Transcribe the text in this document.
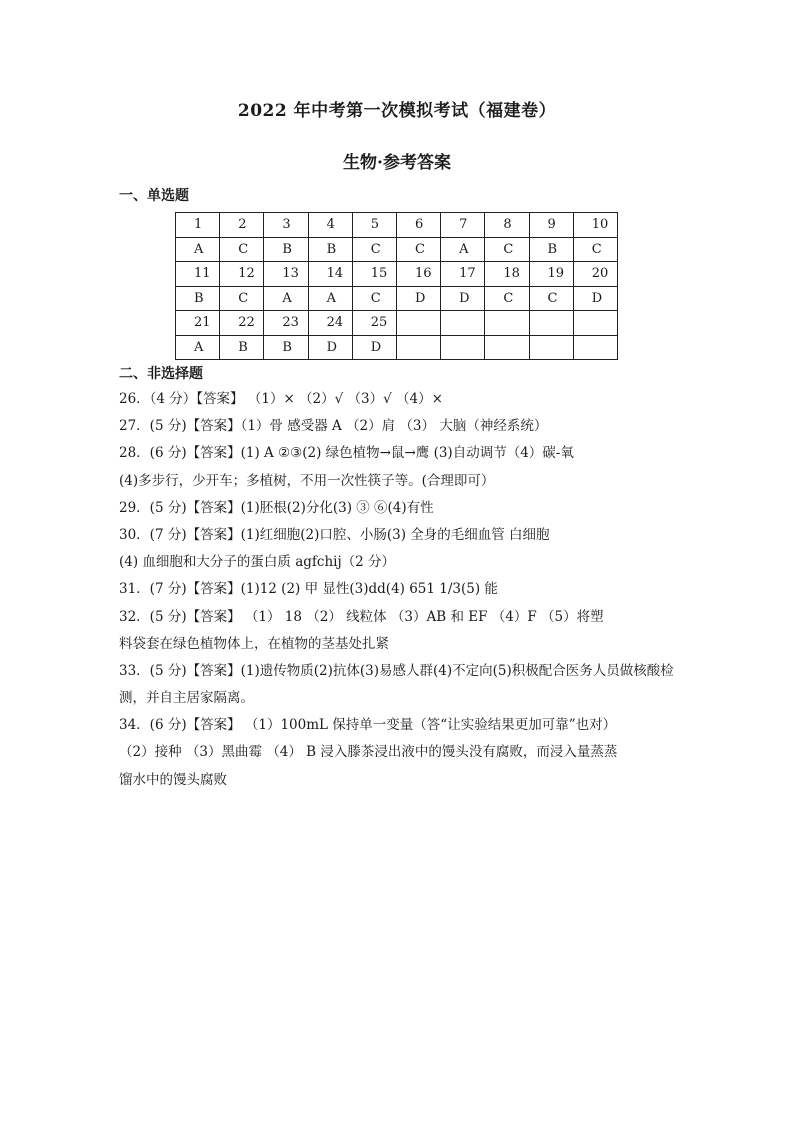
2022 年中考第一次模拟考试（福建卷）
生物·参考答案
一、单选题
1	2	3	4	5	6	7	8	9	10
A	C	B	B	C	C	A	C	B	C
11	12	13	14	15	16	17	18	19	20
B	C	A	A	C	D	D	C	C	D
21	22	23	24	25					
A	B	B	D	D					
二、非选择题
26．（4 分）【答案】 （1）× （2）√ （3）√ （4）×
27．(5 分)【答案】（1）骨 感受器 A （2）肩 （3） 大脑（神经系统）
28．(6 分)【答案】(1) A ②③(2) 绿色植物→鼠→鹰 (3)自动调节（4）碳-氧
(4)多步行，少开车；多植树，不用一次性筷子等。(合理即可）
29．(5 分)【答案】(1)胚根(2)分化(3) ③ ⑥(4)有性
30．(7 分)【答案】(1)红细胞(2)口腔、小肠(3) 全身的毛细血管 白细胞
(4) 血细胞和大分子的蛋白质 agfchij（2 分）
31．(7 分)【答案】(1)12 (2) 甲 显性(3)dd(4) 651 1/3(5) 能
32．(5 分)【答案】 （1） 18 （2） 线粒体 （3）AB 和 EF （4）F （5）将塑
料袋套在绿色植物体上，在植物的茎基处扎紧
33．(5 分)【答案】(1)遗传物质(2)抗体(3)易感人群(4)不定向(5)积极配合医务人员做核酸检
测，并自主居家隔离。
34．(6 分)【答案】 （1）100mL 保持单一变量（答“让实验结果更加可靠”也对）
（2）接种 （3）黑曲霉 （4） B 浸入滕茶浸出液中的馒头没有腐败，而浸入量蒸蒸
馏水中的馒头腐败
